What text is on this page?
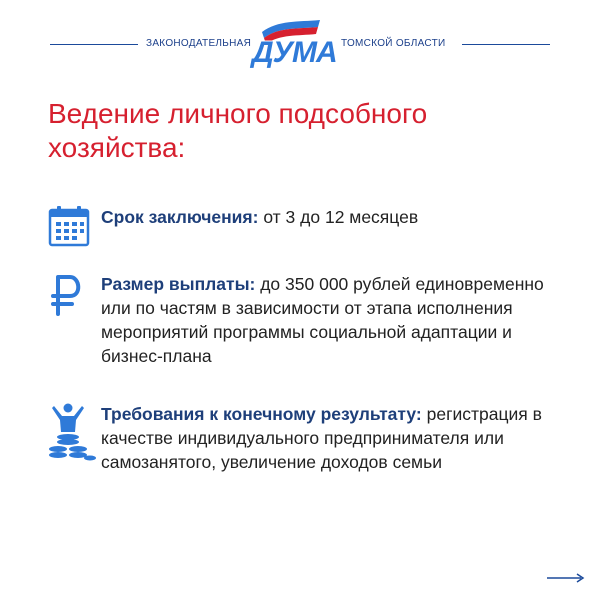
ЗАКОНОДАТЕЛЬНАЯ ДУМА ТОМСКОЙ ОБЛАСТИ
Ведение личного подсобного хозяйства:
Срок заключения: от 3 до 12 месяцев
Размер выплаты: до 350 000 рублей единовременно или по частям в зависимости от этапа исполнения мероприятий программы социальной адаптации и бизнес-плана
Требования к конечному результату: регистрация в качестве индивидуального предпринимателя или самозанятого, увеличение доходов семьи
